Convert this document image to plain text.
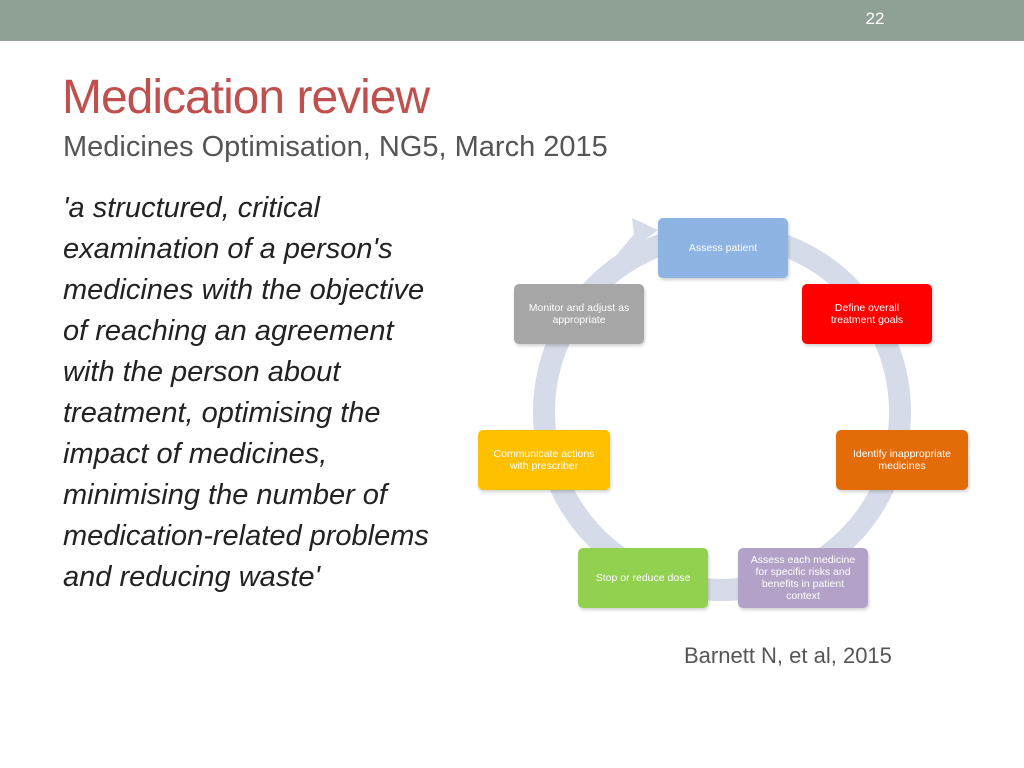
22
Medication review
Medicines Optimisation, NG5, March 2015

'a structured, critical examination of a person's medicines with the objective of reaching an agreement with the person about treatment, optimising the impact of medicines, minimising the number of medication-related problems and reducing waste'

Assess patient
Define overall treatment goals
Identify inappropriate medicines
Assess each medicine for specific risks and benefits in patient context
Stop or reduce dose
Communicate actions with prescriber
Monitor and adjust as appropriate
Barnett N, et al, 2015
